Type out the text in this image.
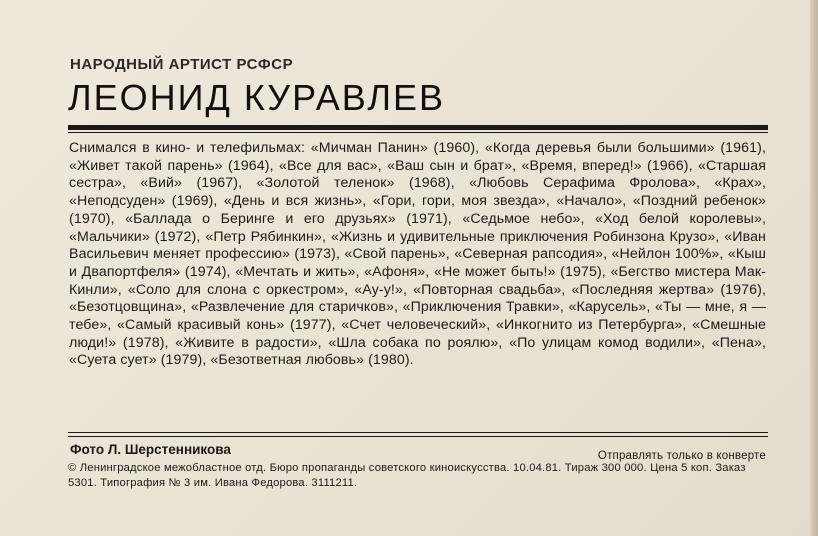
НАРОДНЫЙ АРТИСТ РСФСР
ЛЕОНИД КУРАВЛЕВ
Снимался в кино- и телефильмах: «Мичман Панин» (1960), «Когда деревья были большими» (1961), «Живет такой парень» (1964), «Все для вас», «Ваш сын и брат», «Время, вперед!» (1966), «Старшая сестра», «Вий» (1967), «Золотой теленок» (1968), «Любовь Серафима Фролова», «Крах», «Неподсуден» (1969), «День и вся жизнь», «Гори, гори, моя звезда», «Начало», «Поздний ребенок» (1970), «Баллада о Беринге и его друзьях» (1971), «Седьмое небо», «Ход белой королевы», «Мальчики» (1972), «Петр Рябинкин», «Жизнь и удивительные приключения Робинзона Крузо», «Иван Васильевич меняет профессию» (1973), «Свой парень», «Северная рапсодия», «Нейлон 100%», «Кыш и Двапортфеля» (1974), «Мечтать и жить», «Афоня», «Не может быть!» (1975), «Бегство мистера Мак-Кинли», «Соло для слона с оркестром», «Ау-у!», «Повторная свадьба», «Последняя жертва» (1976), «Безотцовщина», «Развлечение для старичков», «Приключения Травки», «Карусель», «Ты — мне, я — тебе», «Самый красивый конь» (1977), «Счет человеческий», «Инкогнито из Петербурга», «Смешные люди!» (1978), «Живите в радости», «Шла собака по роялю», «По улицам комод водили», «Пена», «Суета сует» (1979), «Безответная любовь» (1980).
Фото Л. Шерстенникова	Отправлять только в конверте
© Ленинградское межобластное отд. Бюро пропаганды советского киноискусства. 10.04.81. Тираж 300 000. Цена 5 коп. Заказ 5301. Типография № 3 им. Ивана Федорова. 3111211.
